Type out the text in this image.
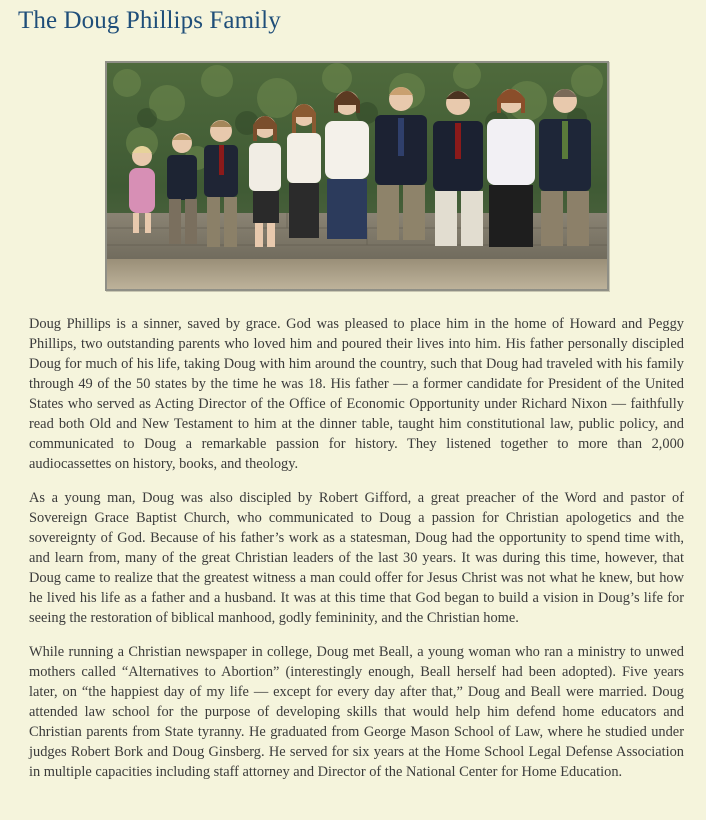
The Doug Phillips Family

Doug Phillips is a sinner, saved by grace. God was pleased to place him in the home of Howard and Peggy Phillips, two outstanding parents who loved him and poured their lives into him. His father personally discipled Doug for much of his life, taking Doug with him around the country, such that Doug had traveled with his family through 49 of the 50 states by the time he was 18. His father — a former candidate for President of the United States who served as Acting Director of the Office of Economic Opportunity under Richard Nixon — faithfully read both Old and New Testament to him at the dinner table, taught him constitutional law, public policy, and communicated to Doug a remarkable passion for history. They listened together to more than 2,000 audiocassettes on history, books, and theology.

As a young man, Doug was also discipled by Robert Gifford, a great preacher of the Word and pastor of Sovereign Grace Baptist Church, who communicated to Doug a passion for Christian apologetics and the sovereignty of God. Because of his father’s work as a statesman, Doug had the opportunity to spend time with, and learn from, many of the great Christian leaders of the last 30 years. It was during this time, however, that Doug came to realize that the greatest witness a man could offer for Jesus Christ was not what he knew, but how he lived his life as a father and a husband. It was at this time that God began to build a vision in Doug’s life for seeing the restoration of biblical manhood, godly femininity, and the Christian home.

While running a Christian newspaper in college, Doug met Beall, a young woman who ran a ministry to unwed mothers called “Alternatives to Abortion” (interestingly enough, Beall herself had been adopted). Five years later, on “the happiest day of my life — except for every day after that,” Doug and Beall were married. Doug attended law school for the purpose of developing skills that would help him defend home educators and Christian parents from State tyranny. He graduated from George Mason School of Law, where he studied under judges Robert Bork and Doug Ginsberg. He served for six years at the Home School Legal Defense Association in multiple capacities including staff attorney and Director of the National Center for Home Education.
